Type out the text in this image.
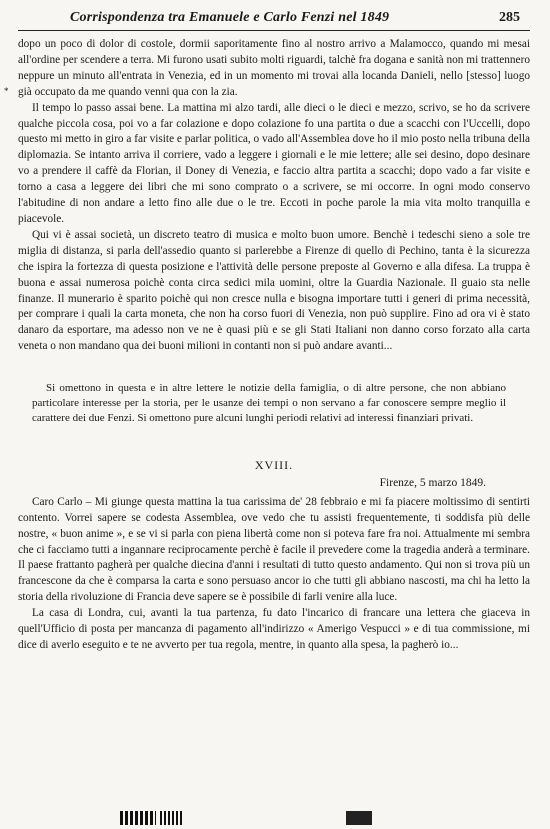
Corrispondenza tra Emanuele e Carlo Fenzi nel 1849	285
*

dopo un poco di dolor di costole, dormii saporitamente fino al nostro arrivo a Malamocco, quando mi mesai all'ordine per scendere a terra. Mi furono usati subito molti riguardi, talchè fra dogana e sanità non mi trattennero neppure un minuto all'entrata in Venezia, ed in un momento mi trovai alla locanda Danieli, nello [stesso] luogo già occupato da me quando venni qua con la zia.

Il tempo lo passo assai bene. La mattina mi alzo tardi, alle dieci o le dieci e mezzo, scrivo, se ho da scrivere qualche piccola cosa, poi vo a far colazione e dopo colazione fo una partita o due a scacchi con l'Uccelli, dopo questo mi metto in giro a far visite e parlar politica, o vado all'Assemblea dove ho il mio posto nella tribuna della diplomazia. Se intanto arriva il corriere, vado a leggere i giornali e le mie lettere; alle sei desino, dopo desinare vo a prendere il caffè da Florian, il Doney di Venezia, e faccio altra partita a scacchi; dopo vado a far visite e torno a casa a leggere dei libri che mi sono comprato o a scrivere, se mi occorre. In ogni modo conservo l'abitudine di non andare a letto fino alle due o le tre. Eccoti in poche parole la mia vita molto tranquilla e piacevole.

Qui vi è assai società, un discreto teatro di musica e molto buon umore. Benchè i tedeschi sieno a sole tre miglia di distanza, si parla dell'assedio quanto si parlerebbe a Firenze di quello di Pechino, tanta è la sicurezza che ispira la fortezza di questa posizione e l'attività delle persone preposte al Governo e alla difesa. La truppa è buona e assai numerosa poichè conta circa sedici mila uomini, oltre la Guardia Nazionale. Il guaio sta nelle finanze. Il munerario è sparito poichè qui non cresce nulla e bisogna importare tutti i generi di prima necessità, per comprare i quali la carta moneta, che non ha corso fuori di Venezia, non può supplire. Fino ad ora vi è stato danaro da esportare, ma adesso non ve ne è quasi più e se gli Stati Italiani non danno corso forzato alla carta veneta o non mandano qua dei buoni milioni in contanti non si può andare avanti...

Si omettono in questa e in altre lettere le notizie della famiglia, o di altre persone, che non abbiano particolare interesse per la storia, per le usanze dei tempi o non servano a far conoscere sempre meglio il carattere dei due Fenzi. Si omettono pure alcuni lunghi periodi relativi ad interessi finanziari privati.

XVIII.
Firenze, 5 marzo 1849.

Caro Carlo – Mi giunge questa mattina la tua carissima de' 28 febbraio e mi fa piacere moltissimo di sentirti contento. Vorrei sapere se codesta Assemblea, ove vedo che tu assisti frequentemente, ti soddisfa più delle nostre, « buon anime », e se vi si parla con piena libertà come non si poteva fare fra noi. Attualmente mi sembra che ci facciamo tutti a ingannare reciprocamente perchè è facile il prevedere come la tragedia anderà a terminare. Il paese frattanto pagherà per qualche diecina d'anni i resultati di tutto questo andamento. Qui non si trova più un francescone da che è comparsa la carta e sono persuaso ancor io che tutti gli abbiano nascosti, ma chi ha letto la storia della rivoluzione di Francia deve sapere se è possibile di farli venire alla luce.

La casa di Londra, cui, avanti la tua partenza, fu dato l'incarico di francare una lettera che giaceva in quell'Ufficio di posta per mancanza di pagamento all'indirizzo « Amerigo Vespucci » e di tua commissione, mi dice di averlo eseguito e te ne avverto per tua regola, mentre, in quanto alla spesa, la pagherò io...
